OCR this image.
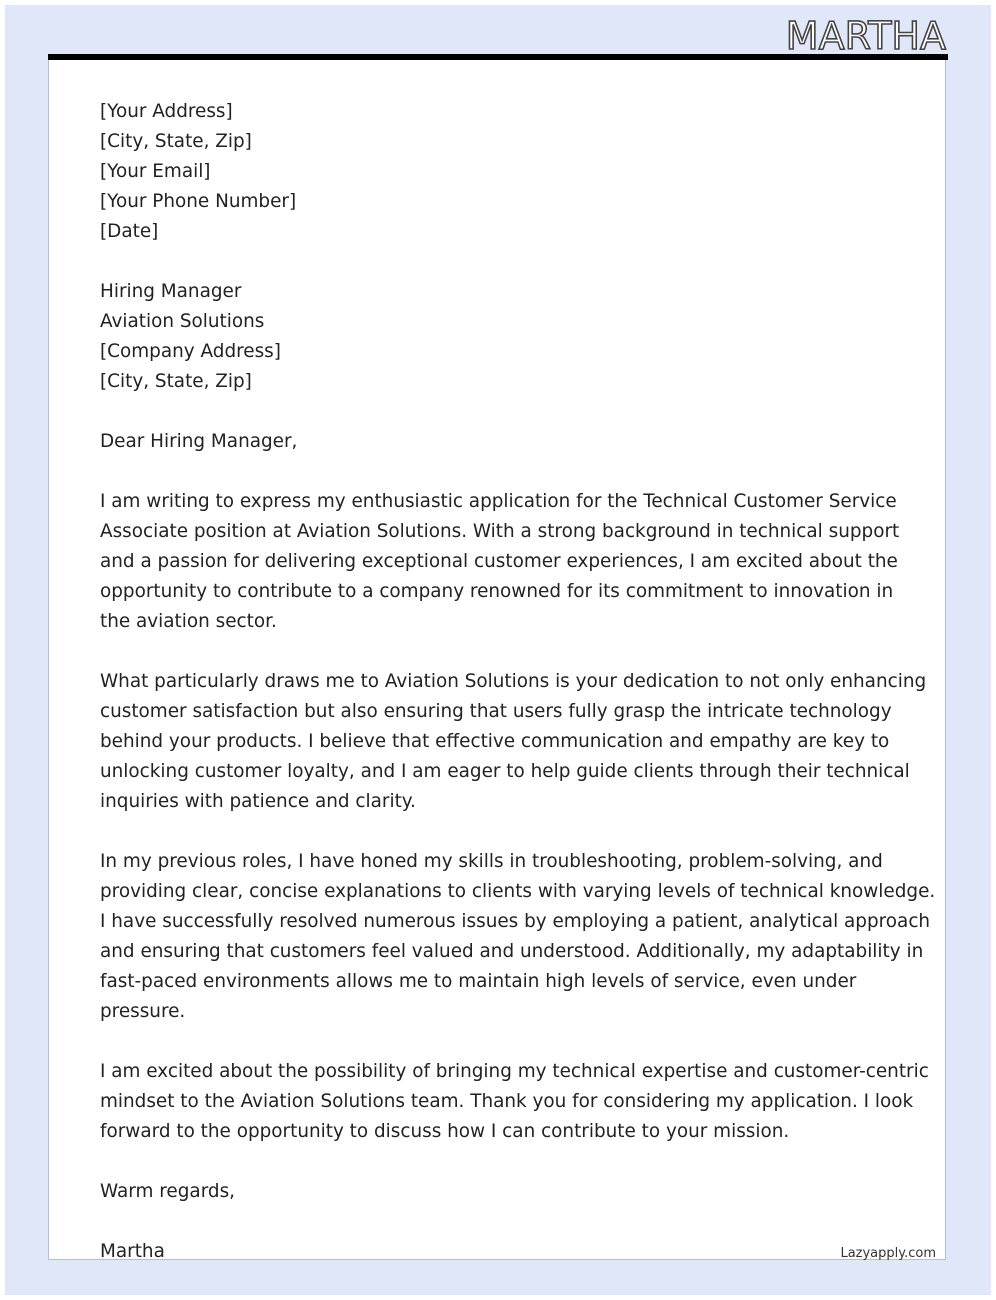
MARTHA
[Your Address]
[City, State, Zip]
[Your Email]
[Your Phone Number]
[Date]
Hiring Manager
Aviation Solutions
[Company Address]
[City, State, Zip]
Dear Hiring Manager,
I am writing to express my enthusiastic application for the Technical Customer Service
Associate position at Aviation Solutions. With a strong background in technical support
and a passion for delivering exceptional customer experiences, I am excited about the
opportunity to contribute to a company renowned for its commitment to innovation in
the aviation sector.
What particularly draws me to Aviation Solutions is your dedication to not only enhancing
customer satisfaction but also ensuring that users fully grasp the intricate technology
behind your products. I believe that effective communication and empathy are key to
unlocking customer loyalty, and I am eager to help guide clients through their technical
inquiries with patience and clarity.
In my previous roles, I have honed my skills in troubleshooting, problem-solving, and
providing clear, concise explanations to clients with varying levels of technical knowledge.
I have successfully resolved numerous issues by employing a patient, analytical approach
and ensuring that customers feel valued and understood. Additionally, my adaptability in
fast-paced environments allows me to maintain high levels of service, even under
pressure.
I am excited about the possibility of bringing my technical expertise and customer-centric
mindset to the Aviation Solutions team. Thank you for considering my application. I look
forward to the opportunity to discuss how I can contribute to your mission.
Warm regards,
Martha	Lazyapply.com
